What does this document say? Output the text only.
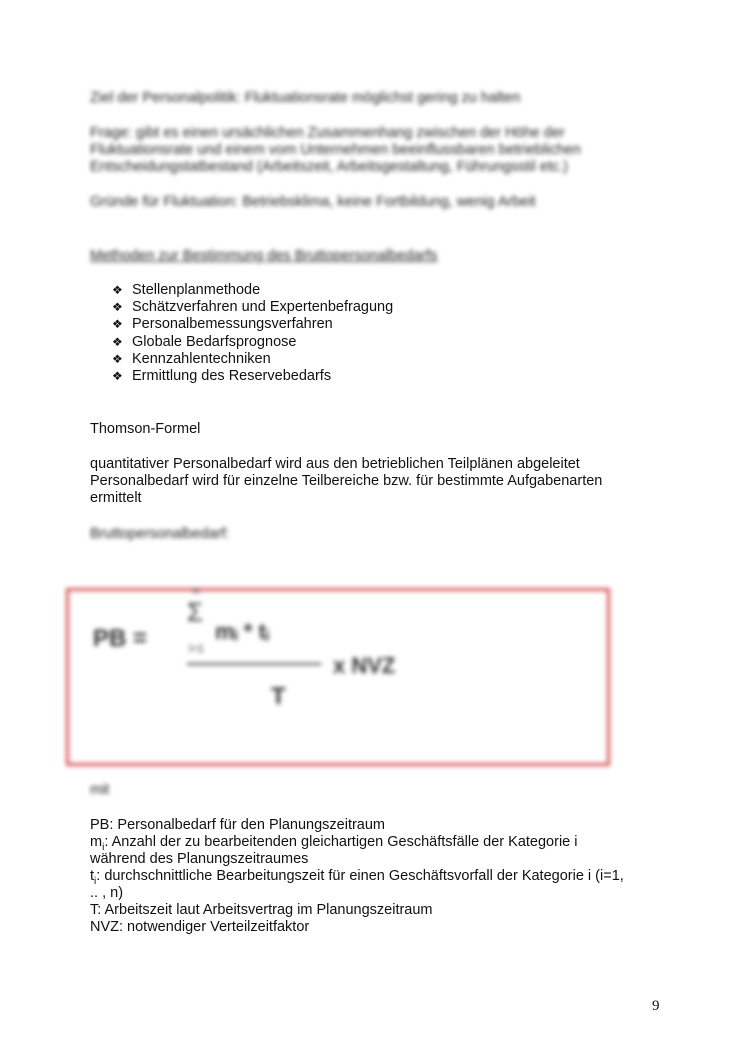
Ziel der Personalpolitik: Fluktuationsrate möglichst gering zu halten
Frage: gibt es einen ursächlichen Zusammenhang zwischen der Höhe der
Fluktuationsrate und einem vom Unternehmen beeinflussbaren betrieblichen
Entscheidungstatbestand (Arbeitszeit, Arbeitsgestaltung, Führungsstil etc.)
Gründe für Fluktuation: Betriebsklima, keine Fortbildung, wenig Arbeit
Methoden zur Bestimmung des Bruttopersonalbedarfs
❖ Stellenplanmethode
❖ Schätzverfahren und Expertenbefragung
❖ Personalbemessungsverfahren
❖ Globale Bedarfsprognose
❖ Kennzahlentechniken
❖ Ermittlung des Reservebedarfs
Thomson-Formel
quantitativer Personalbedarf wird aus den betrieblichen Teilplänen abgeleitet
Personalbedarf wird für einzelne Teilbereiche bzw. für bestimmte Aufgabenarten
ermittelt
Bruttopersonalbedarf:
PB =
n
Σ
i=1
mᵢ * tᵢ
T
x NVZ
mit
PB: Personalbedarf für den Planungszeitraum
$m_i$: Anzahl der zu bearbeitenden gleichartigen Geschäftsfälle der Kategorie i
während des Planungszeitraumes
$t_i$: durchschnittliche Bearbeitungszeit für einen Geschäftsvorfall der Kategorie i (i=1,
.. , n)
T: Arbeitszeit laut Arbeitsvertrag im Planungszeitraum
NVZ: notwendiger Verteilzeitfaktor
9
